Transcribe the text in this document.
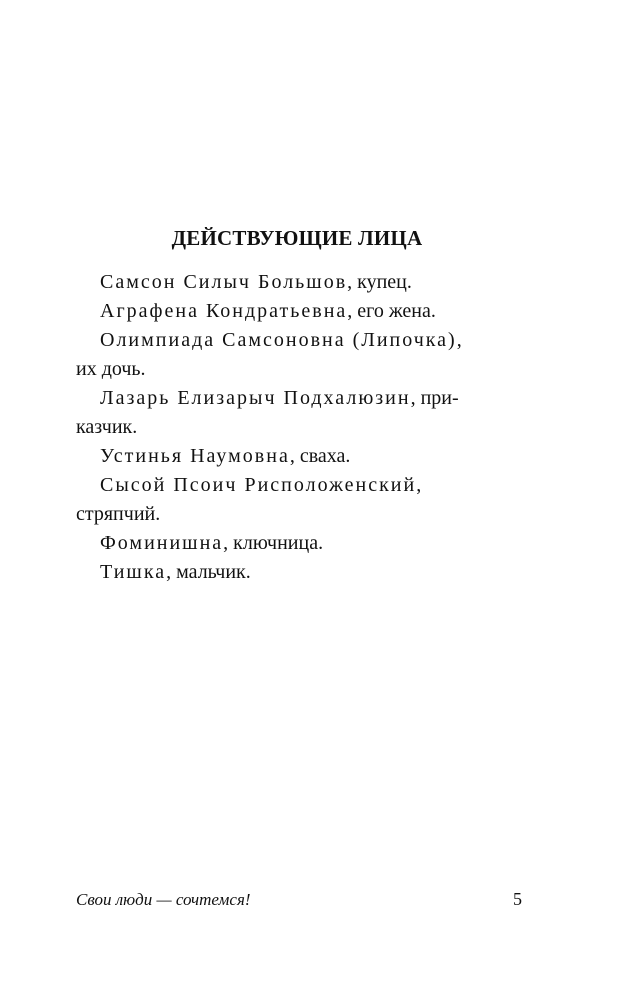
ДЕЙСТВУЮЩИЕ ЛИЦА
Самсон Силыч Большов, купец.
Аграфена Кондратьевна, его жена.
Олимпиада Самсоновна (Липочка),
их дочь.
Лазарь Елизарыч Подхалюзин, при-
казчик.
Устинья Наумовна, сваха.
Сысой Псоич Рисположенский,
стряпчий.
Фоминишна, ключница.
Тишка, мальчик.
Свои люди — сочтемся!	5
